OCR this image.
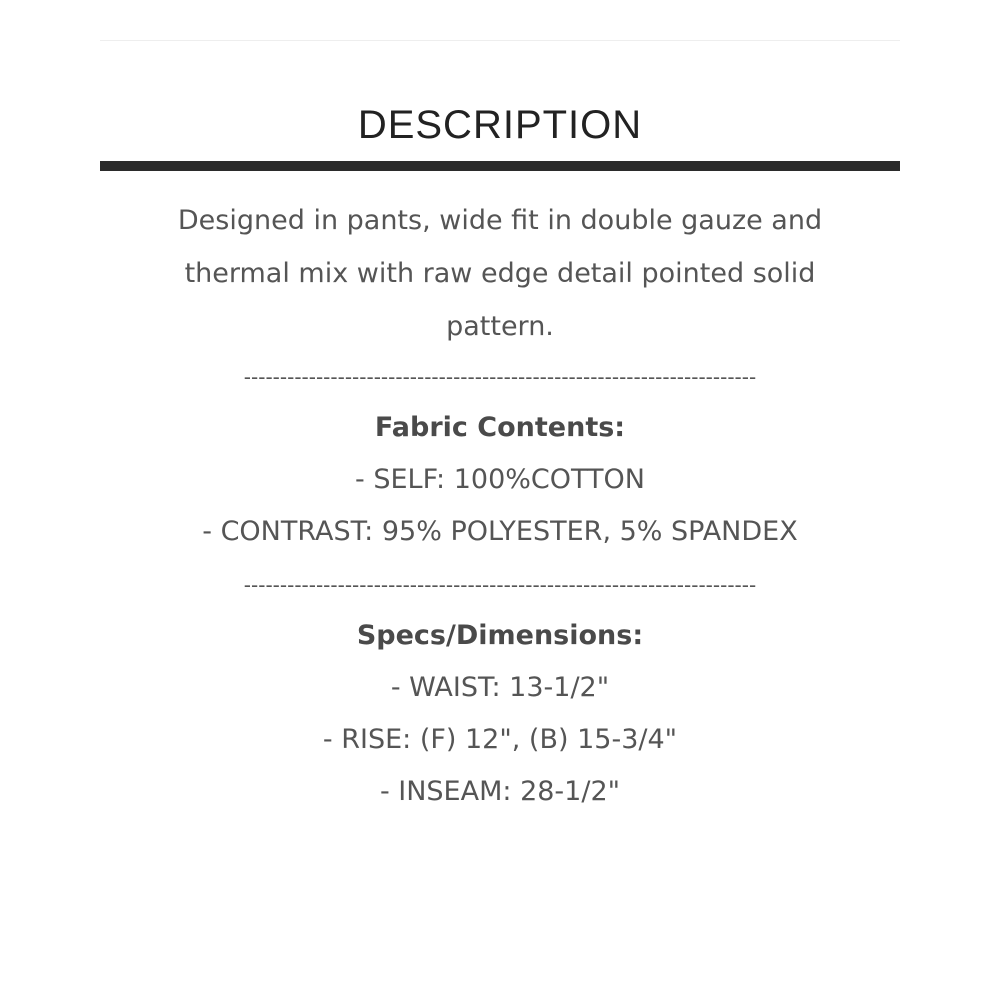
DESCRIPTION
Designed in pants, wide fit in double gauze and
thermal mix with raw edge detail pointed solid
pattern.
-----------------------------------------------------------------------
Fabric Contents:
- SELF: 100%COTTON
- CONTRAST: 95% POLYESTER, 5% SPANDEX
-----------------------------------------------------------------------
Specs/Dimensions:
- WAIST: 13-1/2"
- RISE: (F) 12", (B) 15-3/4"
- INSEAM: 28-1/2"
